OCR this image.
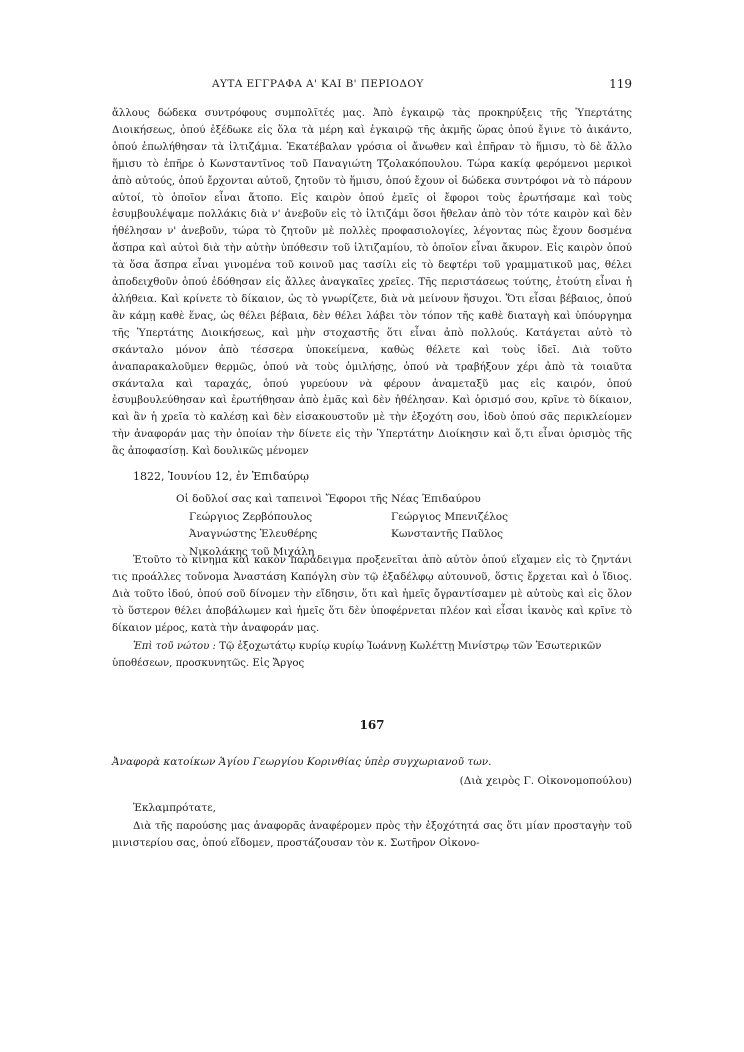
ΑΥΤΑ ΕΓΓΡΑΦΑ Α' ΚΑΙ Β' ΠΕΡΙΟΔΟΥ	119

ἄλλους δώδεκα συντρόφους συμπολῖτές μας. Ἀπὸ ἐγκαιρῷ τὰς προκηρύξεις τῆς Ὑπερτάτης Διοικήσεως, ὁπού ἐξέδωκε εἰς ὅλα τὰ μέρη καὶ ἐγκαιρῷ τῆς ἀκμῆς ὥρας ὁπού ἔγινε τὸ ἀικάντο, ὁπού ἐπωλήθησαν τὰ ἰλτιζάμια. Ἐκατέβαλαν γρόσια οἱ ἄνωθεν καὶ ἐπῆραν τὸ ἥμισυ, τὸ δὲ ἄλλο ἥμισυ τὸ ἐπῆρε ὁ Κωνσταντῖνος τοῦ Παναγιώτη Τζολακόπουλου. Τώρα κακίᾳ φερόμενοι μερικοὶ ἀπὸ αὐτούς, ὁπού ἔρχονται αὐτοῦ, ζητοῦν τὸ ἥμισυ, ὁπού ἔχουν οἱ δώδεκα συντρόφοι νὰ τὸ πάρουν αὐτοί, τὸ ὁποῖον εἶναι ἄτοπο. Εἰς καιρὸν ὁπού ἐμεῖς οἱ ἔφοροι τοὺς ἐρωτήσαμε καὶ τοὺς ἐσυμβουλέψαμε πολλάκις διὰ ν' ἀνεβοῦν εἰς τὸ ἰλτιζάμι ὅσοι ἤθελαν ἀπὸ τὸν τότε καιρὸν καὶ δὲν ἠθέλησαν ν' ἀνεβοῦν, τώρα τὸ ζητοῦν μὲ πολλὲς προφασιολογίες, λέγοντας πὼς ἔχουν δοσμένα ἄσπρα καὶ αὐτοὶ διὰ τὴν αὐτὴν ὑπόθεσιν τοῦ ἰλτιζαμίου, τὸ ὁποῖον εἶναι ἄκυρον. Εἰς καιρὸν ὁπού τὰ ὅσα ἄσπρα εἶναι γινομένα τοῦ κοινοῦ μας τασίλι εἰς τὸ δεφτέρι τοῦ γραμματικοῦ μας, θέλει ἀποδειχθοῦν ὁπού ἐδόθησαν εἰς ἄλλες ἀναγκαῖες χρεῖες. Τῆς περιστάσεως τούτης, ἐτούτη εἶναι ἡ ἀλήθεια. Καὶ κρίνετε τὸ δίκαιον, ὡς τὸ γνωρίζετε, διὰ νὰ μείνουν ἥσυχοι. Ὅτι εἶσαι βέβαιος, ὁπού ἂν κάμῃ καθὲ ἕνας, ὡς θέλει βέβαια, δὲν θέλει λάβει τὸν τόπον τῆς καθὲ διαταγὴ καὶ ὑπόυργημα τῆς Ὑπερτάτης Διοικήσεως, καὶ μὴν στοχαστῆς ὅτι εἶναι ἀπὸ πολλούς. Κατάγεται αὐτὸ τὸ σκάνταλο μόνον ἀπὸ τέσσερα ὑποκείμενα, καθὼς θέλετε καὶ τοὺς ἰδεῖ. Διὰ τοῦτο ἀναπαρακαλοῦμεν θερμῶς, ὁπού νὰ τοὺς ὁμιλήσῃς, ὁπού νὰ τραβήξουν χέρι ἀπὸ τὰ τοιαῦτα σκάνταλα καὶ ταραχάς, ὁπού γυρεύουν νὰ φέρουν ἀναμεταξῦ μας εἰς καιρόν, ὁπού ἐσυμβουλεύθησαν καὶ ἐρωτήθησαν ἀπὸ ἐμᾶς καὶ δὲν ἠθέλησαν. Καὶ ὁρισμό σου, κρῖνε τὸ δίκαιον, καὶ ἂν ἡ χρεῖα τὸ καλέσῃ καὶ δὲν εἰσακουστοῦν μὲ τὴν ἐξοχότη σου, ἰδοὺ ὁπού σᾶς περικλείομεν τὴν ἀναφοράν μας τὴν ὁποίαν τὴν δίνετε εἰς τὴν Ὑπερτάτην Διοίκησιν καὶ ὅ,τι εἶναι ὁρισμὸς τῆς ἃς ἀποφασίσῃ. Καὶ δουλικῶς μένομεν

1822, Ἰουνίου 12, ἐν Ἐπιδαύρῳ
Οἱ δοῦλοί σας καὶ ταπεινοὶ Ἔφοροι τῆς Νέας Ἐπιδαύρου
Γεώργιος Ζερβόπουλος
Ἀναγνώστης Ἐλευθέρης
Νικολάκης τοῦ Μιχάλη
Γεώργιος Μπενιζέλος
Κωνσταντῆς Παῦλος

Ἐτοῦτο τὸ κίνημα καὶ κακὸν παράδειγμα προξενεῖται ἀπὸ αὐτὸν ὁπού εἴχαμεν εἰς τὸ ζηντάνι τις προάλλες τοὔνομα Ἀναστάση Καπόγλη σὺν τῷ ἐξαδέλφῳ αὐτουνοῦ, ὅστις ἔρχεται καὶ ὁ ἴδιος. Διὰ τοῦτο ἰδού, ὁπού σοῦ δίνομεν τὴν εἴδησιν, ὅτι καὶ ἡμεῖς ὄγραντίσαμεν μὲ αὐτοὺς καὶ εἰς ὅλον τὸ ὕστερον θέλει ἀποβάλωμεν καὶ ἡμεῖς ὅτι δὲν ὑποφέρνεται πλέον καὶ εἶσαι ἱκανὸς καὶ κρῖνε τὸ δίκαιον μέρος, κατὰ τὴν ἀναφοράν μας.

Ἐπὶ τοῦ νώτου : Τῷ ἐξοχωτάτῳ κυρίῳ κυρίῳ Ἰωάννῃ Κωλέττῃ Μινίστρῳ τῶν Ἐσωτερικῶν ὑποθέσεων, προσκυνητῶς. Εἰς Ἄργος
167
Ἀναφορὰ κατοίκων Ἁγίου Γεωργίου Κορινθίας ὑπὲρ συγχωριανοῦ των.
(Διὰ χειρὸς Γ. Οἰκονομοπούλου)
Ἐκλαμπρότατε,
Διὰ τῆς παρούσης μας ἀναφορᾶς ἀναφέρομεν πρὸς τὴν ἐξοχότητά σας ὅτι μίαν προσταγὴν τοῦ μινιστερίου σας, ὁπού εἴδομεν, προστάζουσαν τὸν κ. Σωτῆρον Οἰκονο-
